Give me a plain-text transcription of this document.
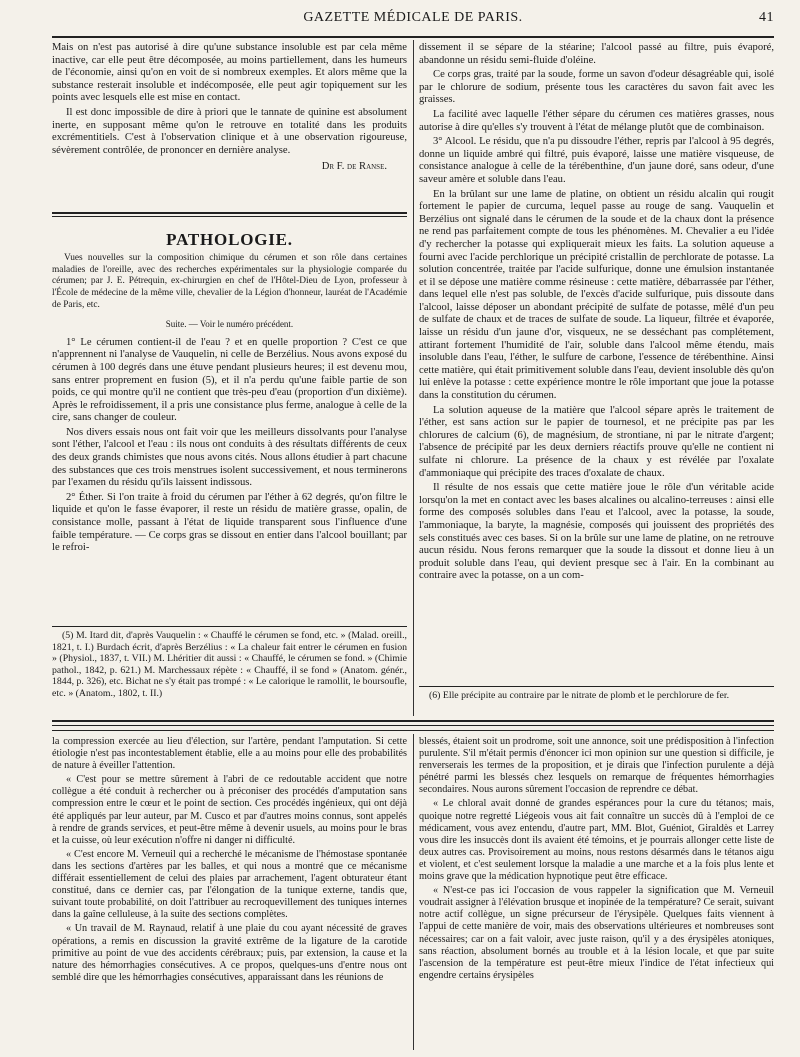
GAZETTE MÉDICALE DE PARIS.	41

Mais on n'est pas autorisé à dire qu'une substance insoluble est par cela même inactive, car elle peut être décomposée, au moins partiellement, dans les humeurs de l'économie, ainsi qu'on en voit de si nombreux exemples. Et alors même que la substance resterait insoluble et indécomposée, elle peut agir topiquement sur les points avec lesquels elle est mise en contact.

Il est donc impossible de dire à priori que le tannate de quinine est absolument inerte, en supposant même qu'on le retrouve en totalité dans les produits excrémentitiels. C'est à l'observation clinique et à une observation rigoureuse, sévèrement contrôlée, de prononcer en dernière analyse.

Dr F. de Ranse.
PATHOLOGIE.
Vues nouvelles sur la composition chimique du cérumen et son rôle dans certaines maladies de l'oreille, avec des recherches expérimentales sur la physiologie comparée du cérumen; par J. E. Pétrequin, ex-chirurgien en chef de l'Hôtel-Dieu de Lyon, professeur à l'École de médecine de la même ville, chevalier de la Légion d'honneur, lauréat de l'Académie de Paris, etc.
Suite. — Voir le numéro précédent.

1° Le cérumen contient-il de l'eau ? et en quelle proportion ? C'est ce que n'apprennent ni l'analyse de Vauquelin, ni celle de Berzélius. Nous avons exposé du cérumen à 100 degrés dans une étuve pendant plusieurs heures; il est devenu mou, sans entrer proprement en fusion (5), et il n'a perdu qu'une faible partie de son poids, ce qui montre qu'il ne contient que très-peu d'eau (proportion d'un dixième). Après le refroidissement, il a pris une consistance plus ferme, analogue à celle de la cire, sans changer de couleur.

Nos divers essais nous ont fait voir que les meilleurs dissolvants pour l'analyse sont l'éther, l'alcool et l'eau : ils nous ont conduits à des résultats différents de ceux des deux grands chimistes que nous avons cités. Nous allons étudier à part chacune des substances que ces trois menstrues isolent successivement, et nous terminerons par l'examen du résidu qu'ils laissent indissous.

2° Éther. Si l'on traite à froid du cérumen par l'éther à 62 degrés, qu'on filtre le liquide et qu'on le fasse évaporer, il reste un résidu de matière grasse, opalin, de consistance molle, passant à l'état de liquide transparent sous l'influence d'une faible température. — Ce corps gras se dissout en entier dans l'alcool bouillant; par le refroi-

(5) M. Itard dit, d'après Vauquelin : « Chauffé le cérumen se fond, etc. » (Malad. oreill., 1821, t. I.) Burdach écrit, d'après Berzélius : « La chaleur fait entrer le cérumen en fusion » (Physiol., 1837, t. VII.) M. Lhéritier dit aussi : « Chauffé, le cérumen se fond. » (Chimie pathol., 1842, p. 621.) M. Marchessaux répète : « Chauffé, il se fond » (Anatom. génér., 1844, p. 326), etc. Bichat ne s'y était pas trompé : « Le calorique le ramollit, le boursoufle, etc. » (Anatom., 1802, t. II.)

dissement il se sépare de la stéarine; l'alcool passé au filtre, puis évaporé, abandonne un résidu semi-fluide d'oléine.

Ce corps gras, traité par la soude, forme un savon d'odeur désagréable qui, isolé par le chlorure de sodium, présente tous les caractères du savon fait avec les graisses.

La facilité avec laquelle l'éther sépare du cérumen ces matières grasses, nous autorise à dire qu'elles s'y trouvent à l'état de mélange plutôt que de combinaison.

3° Alcool. Le résidu, que n'a pu dissoudre l'éther, repris par l'alcool à 95 degrés, donne un liquide ambré qui filtré, puis évaporé, laisse une matière visqueuse, de consistance analogue à celle de la térébenthine, d'un jaune doré, sans odeur, d'une saveur amère et soluble dans l'eau.

En la brûlant sur une lame de platine, on obtient un résidu alcalin qui rougit fortement le papier de curcuma, lequel passe au rouge de sang. Vauquelin et Berzélius ont signalé dans le cérumen de la soude et de la chaux dont la présence ne rend pas parfaitement compte de tous les phénomènes. M. Chevalier a eu l'idée d'y rechercher la potasse qui expliquerait mieux les faits. La solution aqueuse a fourni avec l'acide perchlorique un précipité cristallin de perchlorate de potasse. La solution concentrée, traitée par l'acide sulfurique, donne une émulsion instantanée et il se dépose une matière comme résineuse : cette matière, débarrassée par l'éther, dans lequel elle n'est pas soluble, de l'excès d'acide sulfurique, puis dissoute dans l'alcool, laisse déposer un abondant précipité de sulfate de potasse, mêlé d'un peu de sulfate de chaux et de traces de sulfate de soude. La liqueur, filtrée et évaporée, laisse un résidu d'un jaune d'or, visqueux, ne se desséchant pas complétement, attirant fortement l'humidité de l'air, soluble dans l'alcool même étendu, mais insoluble dans l'eau, l'éther, le sulfure de carbone, l'essence de térébenthine. Ainsi cette matière, qui était primitivement soluble dans l'eau, devient insoluble dès qu'on lui enlève la potasse : cette expérience montre le rôle important que joue la potasse dans la constitution du cérumen.

La solution aqueuse de la matière que l'alcool sépare après le traitement de l'éther, est sans action sur le papier de tournesol, et ne précipite pas par les chlorures de calcium (6), de magnésium, de strontiane, ni par le nitrate d'argent; l'absence de précipité par les deux derniers réactifs prouve qu'elle ne contient ni sulfate ni chlorure. La présence de la chaux y est révélée par l'oxalate d'ammoniaque qui précipite des traces d'oxalate de chaux.

Il résulte de nos essais que cette matière joue le rôle d'un véritable acide lorsqu'on la met en contact avec les bases alcalines ou alcalino-terreuses : ainsi elle forme des composés solubles dans l'eau et l'alcool, avec la potasse, la soude, l'ammoniaque, la baryte, la magnésie, composés qui jouissent des propriétés des sels constitués avec ces bases. Si on la brûle sur une lame de platine, on ne retrouve aucun résidu. Nous ferons remarquer que la soude la dissout et donne lieu à un produit soluble dans l'eau, qui devient presque sec à l'air. En la combinant au contraire avec la potasse, on a un com-

(6) Elle précipite au contraire par le nitrate de plomb et le perchlorure de fer.

la compression exercée au lieu d'élection, sur l'artère, pendant l'amputation. Si cette étiologie n'est pas incontestablement établie, elle a au moins pour elle des probabilités de nature à éveiller l'attention.

« C'est pour se mettre sûrement à l'abri de ce redoutable accident que notre collègue a été conduit à rechercher ou à préconiser des procédés d'amputation sans compression entre le cœur et le point de section. Ces procédés ingénieux, qui ont déjà été appliqués par leur auteur, par M. Cusco et par d'autres moins connus, sont appelés à rendre de grands services, et peut-être même à devenir usuels, au moins pour le bras et la cuisse, où leur exécution n'offre ni danger ni difficulté.

« C'est encore M. Verneuil qui a recherché le mécanisme de l'hémostase spontanée dans les sections d'artères par les balles, et qui nous a montré que ce mécanisme différait essentiellement de celui des plaies par arrachement, l'agent obturateur étant constitué, dans ce dernier cas, par l'élongation de la tunique externe, tandis que, suivant toute probabilité, on doit l'attribuer au recroquevillement des tuniques internes dans la gaîne celluleuse, à la suite des sections complètes.

« Un travail de M. Raynaud, relatif à une plaie du cou ayant nécessité de graves opérations, a remis en discussion la gravité extrême de la ligature de la carotide primitive au point de vue des accidents cérébraux; puis, par extension, la cause et la nature des hémorrhagies consécutives. A ce propos, quelques-uns d'entre nous ont semblé dire que les hémorrhagies consécutives, apparaissant dans les réunions de

blessés, étaient soit un prodrome, soit une annonce, soit une prédisposition à l'infection purulente. S'il m'était permis d'énoncer ici mon opinion sur une question si difficile, je renverserais les termes de la proposition, et je dirais que l'infection purulente a déjà pénétré parmi les blessés chez lesquels on remarque de fréquentes hémorrhagies secondaires. Nous aurons sûrement l'occasion de reprendre ce débat.

« Le chloral avait donné de grandes espérances pour la cure du tétanos; mais, quoique notre regretté Liégeois vous ait fait connaître un succès dû à l'emploi de ce médicament, vous avez entendu, d'autre part, MM. Blot, Guéniot, Giraldès et Larrey vous dire les insuccès dont ils avaient été témoins, et je pourrais allonger cette liste de deux autres cas. Provisoirement au moins, nous restons désarmés dans le tétanos aigu et violent, et c'est seulement lorsque la maladie a une marche et a la fois plus lente et moins grave que la médication hypnotique peut être efficace.

« N'est-ce pas ici l'occasion de vous rappeler la signification que M. Verneuil voudrait assigner à l'élévation brusque et inopinée de la température? Ce serait, suivant notre actif collègue, un signe précurseur de l'érysipèle. Quelques faits viennent à l'appui de cette manière de voir, mais des observations ultérieures et nombreuses sont nécessaires; car on a fait valoir, avec juste raison, qu'il y a des érysipèles atoniques, sans réaction, absolument bornés au trouble et à la lésion locale, et que par suite l'ascension de la température est peut-être mieux l'indice de l'état infectieux qui engendre certains érysipèles
